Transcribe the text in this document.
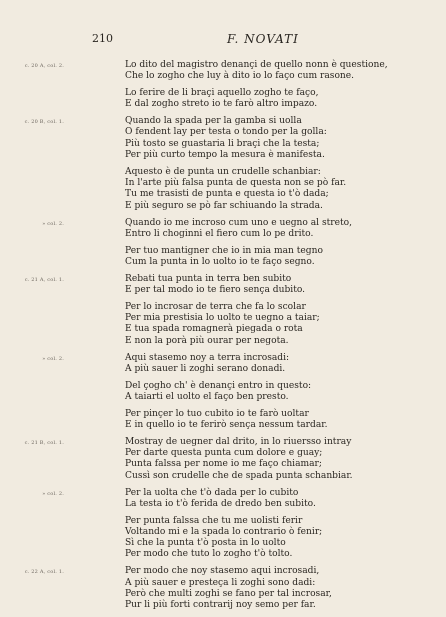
210	F. NOVATI
c. 20 A, col. 2.	Lo dito del magistro denançi de quello nonn è questione,
Che lo zogho che luy à dito io lo faço cum rasone.
Lo ferire de li braçi aquello zogho te faço,
E dal zogho streto io te farò altro impazo.
c. 20 B, col. 1.	Quando la spada per la gamba si uolla
O fendent lay per testa o tondo per la golla:
Più tosto se guastaria li braçi che la testa;
Per più curto tempo la mesura è manifesta.
Aquesto è de punta un crudelle schanbiar:
In l'arte più falsa punta de questa non se pò far.
Tu me trasisti de punta e questa io t'ò dada;
E più seguro se pò far schiuando la strada.
» col. 2.	Quando io me incroso cum uno e uegno al streto,
Entro li choginni el fiero cum lo pe drito.
Per tuo mantigner che io in mia man tegno
Cum la punta in lo uolto io te faço segno.
c. 21 A, col. 1.	Rebati tua punta in terra ben subito
E per tal modo io te fiero sença dubito.
Per lo incrosar de terra che fa lo scolar
Per mia prestisia lo uolto te uegno a taiar;
E tua spada romagnerà piegada o rota
E non la porà più ourar per negota.
» col. 2.	Aqui stasemo noy a terra incrosadi:
A più sauer li zoghi serano donadi.
Del çogho ch' è denançi entro in questo:
A taiarti el uolto el faço ben presto.
Per pinçer lo tuo cubito io te farò uoltar
E in quello io te ferirò sença nessum tardar.
c. 21 B, col. 1.	Mostray de uegner dal drito, in lo riuersso intray
Per darte questa punta cum dolore e guay;
Punta falssa per nome io me faço chiamar;
Cussì son crudelle che de spada punta schanbiar.
» col. 2.	Per la uolta che t'ò dada per lo cubito
La testa io t'ò ferida de dredo ben subito.
Per punta falssa che tu me uolisti ferir
Voltando mi e la spada lo contrario ò fenir;
Sì che la punta t'ò posta in lo uolto
Per modo che tuto lo zogho t'ò tolto.
c. 22 A, col. 1.	Per modo che noy stasemo aqui incrosadi,
A più sauer e presteça li zoghi sono dadi:
Però che multi zoghi se fano per tal incrosar,
Pur li più forti contrarij noy semo per far.
